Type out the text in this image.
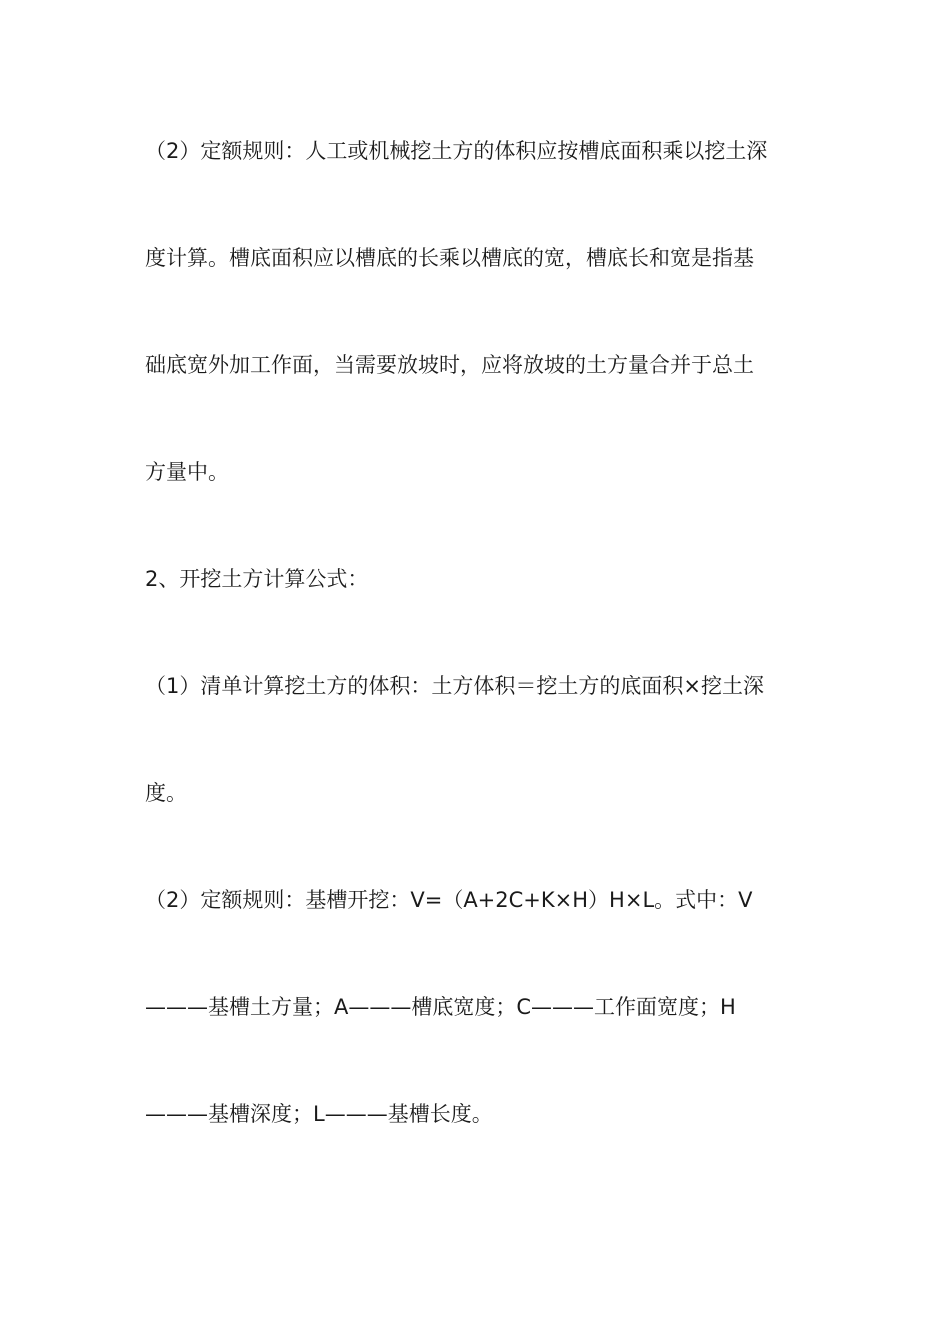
（2）定额规则：人工或机械挖土方的体积应按槽底面积乘以挖土深
度计算。槽底面积应以槽底的长乘以槽底的宽，槽底长和宽是指基
础底宽外加工作面，当需要放坡时，应将放坡的土方量合并于总土
方量中。
2、开挖土方计算公式：
（1）清单计算挖土方的体积：土方体积＝挖土方的底面积×挖土深
度。
（2）定额规则：基槽开挖：V=（A+2C+K×H）H×L。式中：V
———基槽土方量；A———槽底宽度；C———工作面宽度；H
———基槽深度；L———基槽长度。
